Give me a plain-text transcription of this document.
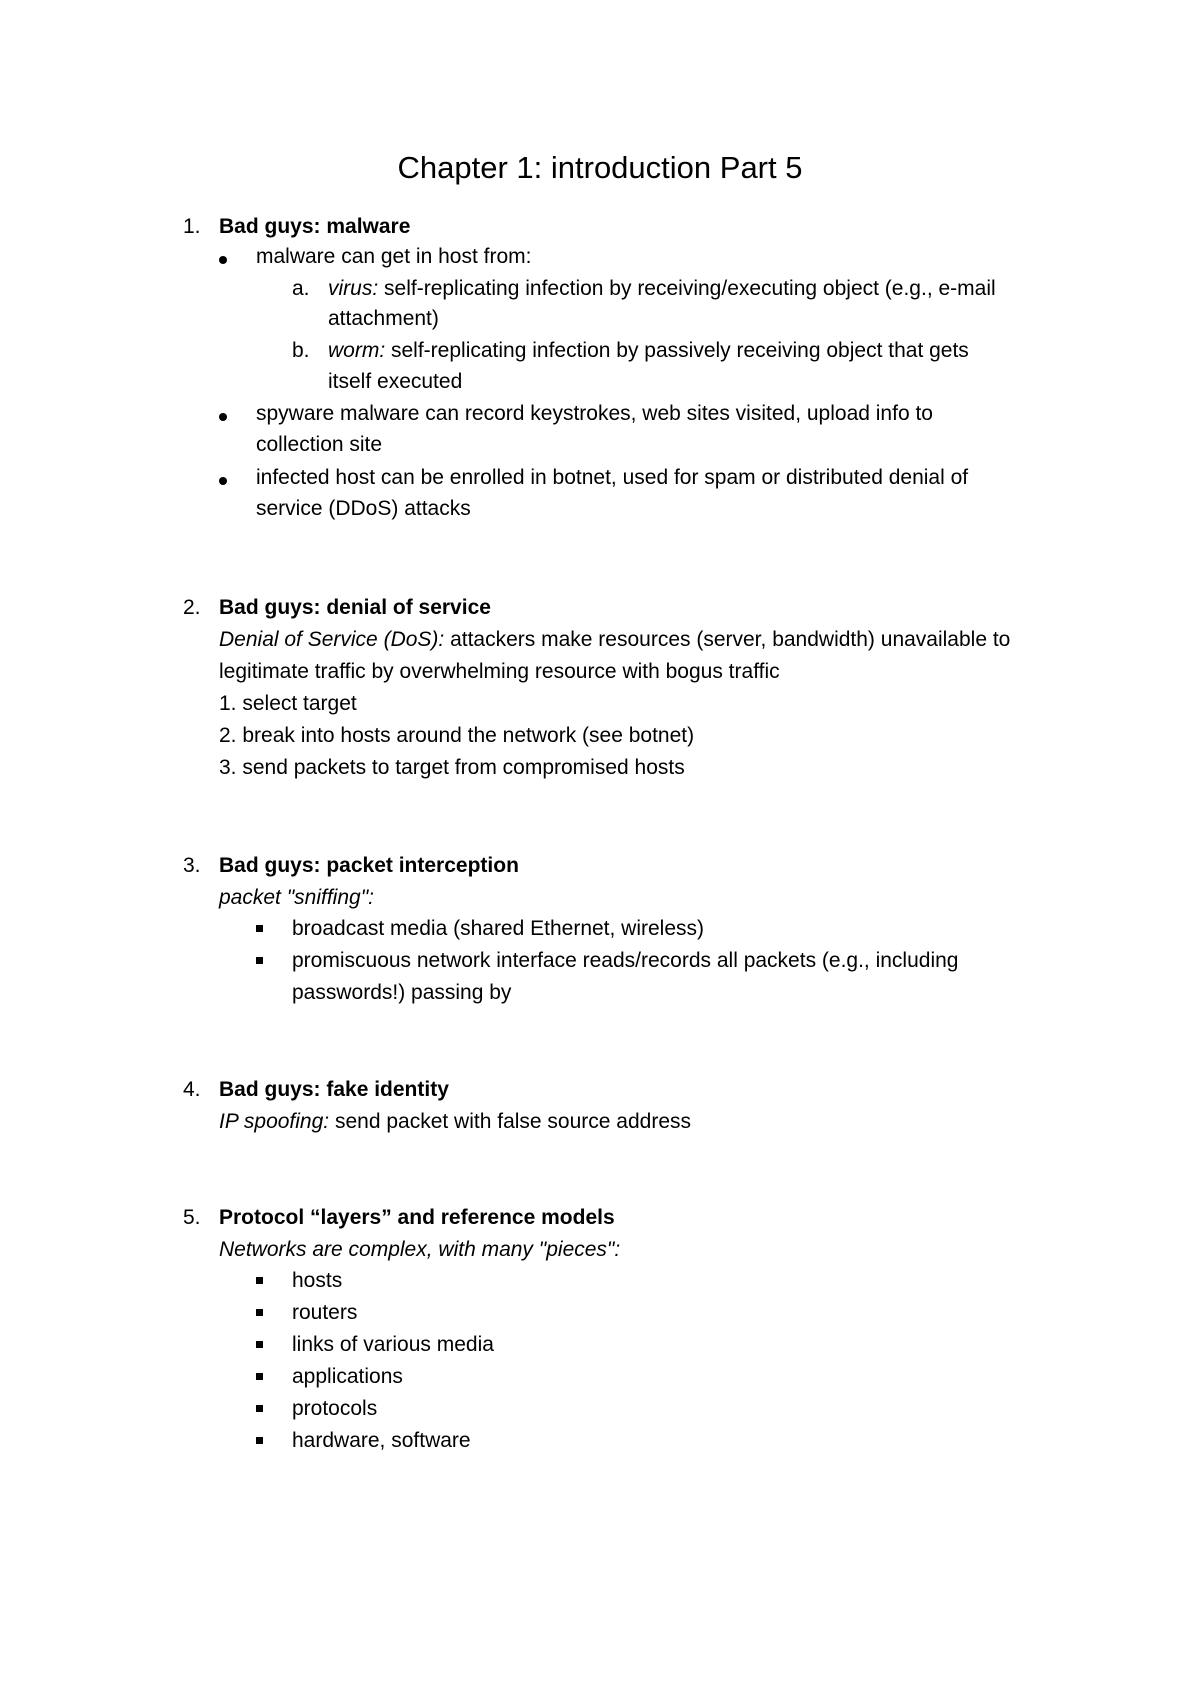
Chapter 1: introduction Part 5
1. Bad guys: malware
malware can get in host from:
a. virus: self-replicating infection by receiving/executing object (e.g., e-mail
attachment)
b. worm: self-replicating infection by passively receiving object that gets
itself executed
spyware malware can record keystrokes, web sites visited, upload info to
collection site
infected host can be enrolled in botnet, used for spam or distributed denial of
service (DDoS) attacks
2. Bad guys: denial of service
Denial of Service (DoS): attackers make resources (server, bandwidth) unavailable to
legitimate traffic by overwhelming resource with bogus traffic
1. select target
2. break into hosts around the network (see botnet)
3. send packets to target from compromised hosts
3. Bad guys: packet interception
packet "sniffing":
broadcast media (shared Ethernet, wireless)
promiscuous network interface reads/records all packets (e.g., including
passwords!) passing by
4. Bad guys: fake identity
IP spoofing: send packet with false source address
5. Protocol “layers” and reference models
Networks are complex, with many "pieces":
hosts
routers
links of various media
applications
protocols
hardware, software
